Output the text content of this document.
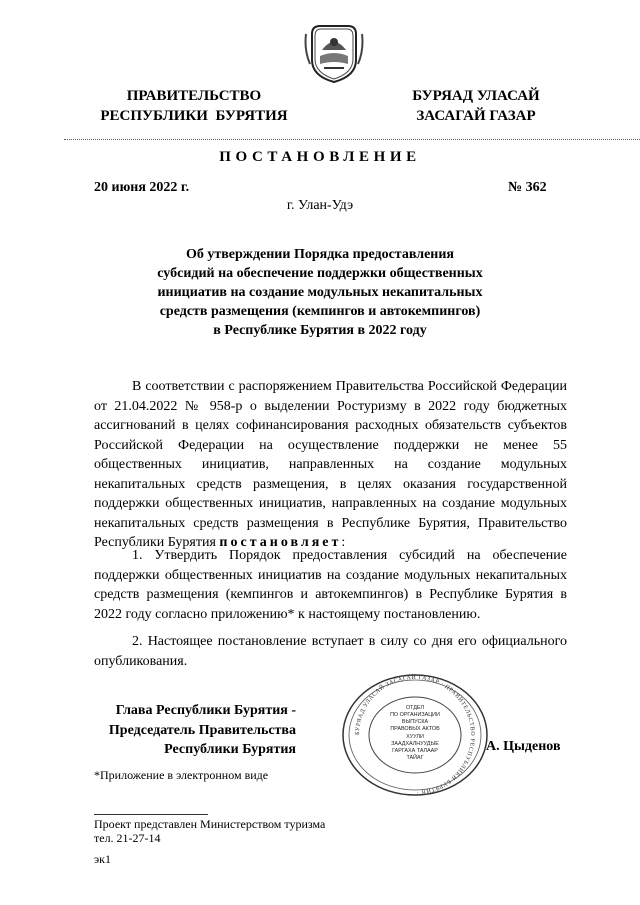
ПРАВИТЕЛЬСТВО
РЕСПУБЛИКИ  БУРЯТИЯ
БУРЯАД УЛАСАЙ
ЗАСАГАЙ ГАЗАР
ПОСТАНОВЛЕНИЕ
20 июня 2022 г.	№ 362
г. Улан-Удэ
Об утверждении Порядка предоставления
субсидий на обеспечение поддержки общественных
инициатив на создание модульных некапитальных
средств размещения (кемпингов и автокемпингов)
в Республике Бурятия в 2022 году
В соответствии с распоряжением Правительства Российской Федерации от 21.04.2022 № 958-р о выделении Ростуризму в 2022 году бюджетных ассигнований в целях софинансирования расходных обязательств субъектов Российской Федерации на осуществление поддержки не менее 55 общественных инициатив, направленных на создание модульных некапитальных средств размещения, в целях оказания государственной поддержки общественных инициатив, направленных на создание модульных некапитальных средств размещения в Республике Бурятия, Правительство Республики Бурятия постановляет:
1. Утвердить Порядок предоставления субсидий на обеспечение поддержки общественных инициатив на создание модульных некапитальных средств размещения (кемпингов и автокемпингов) в Республике Бурятия в 2022 году согласно приложению* к настоящему постановлению.
2. Настоящее постановление вступает в силу со дня его официального опубликования.
Глава Республики Бурятия -
Председатель Правительства
Республики Бурятия
БУРЯАД УЛАСАЙ ЗАСАГАЙ ГАЗАР · ПРАВИТЕЛЬСТВО РЕСПУБЛИКИ БУРЯТИЯ ·
ОТДЕЛ
ПО ОРГАНИЗАЦИИ
ВЫПУСКА
ПРАВОВЫХ АКТОВ
ХУУЛИ
ЗААДХАЛНУУДЫЕ
ГАРГАХА ТАЛААР
ТАЙАГ
А. Цыденов
*Приложение в электронном виде
Проект представлен Министерством туризма
тел. 21-27-14
эк1
